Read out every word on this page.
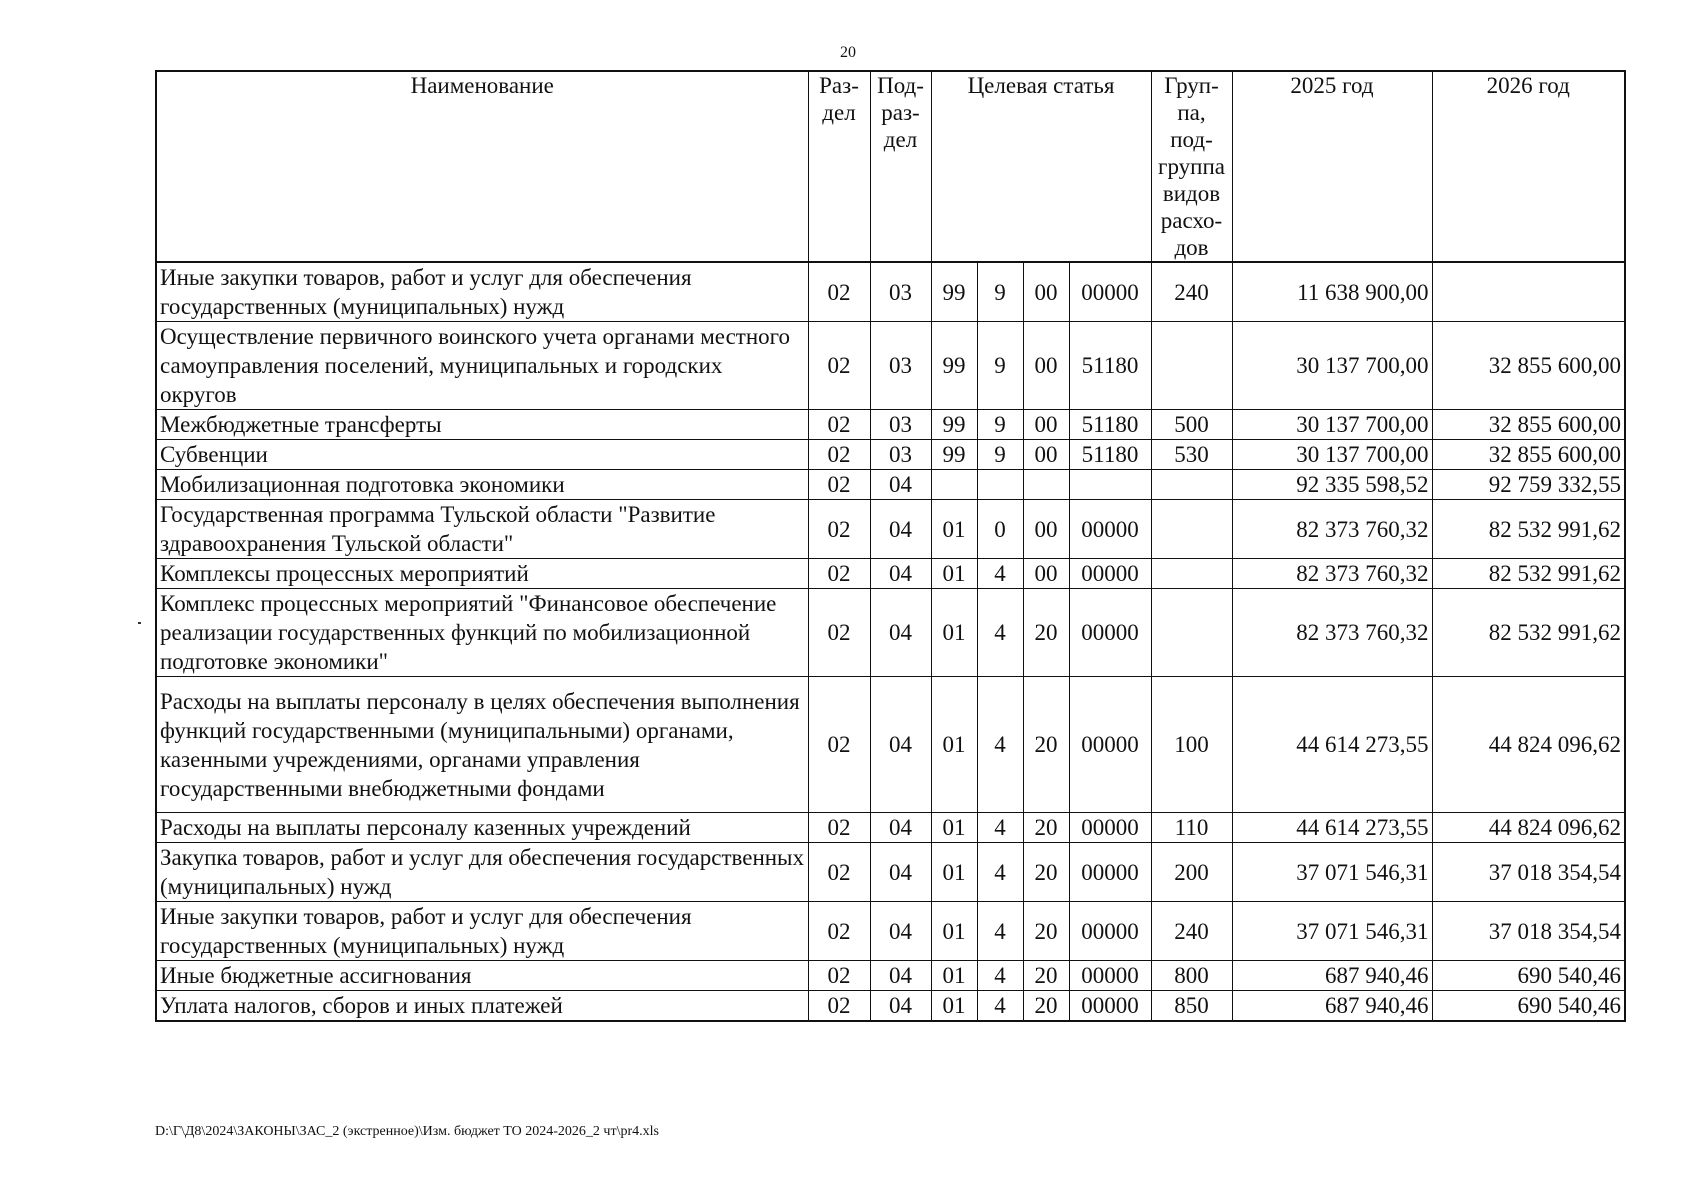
20
Наименование	Раз-дел	Под-раз-дел	Целевая статья				Груп-па, под-группа видов расхо-дов	2025 год	2026 год
Иные закупки товаров, работ и услуг для обеспечения государственных (муниципальных) нужд	02	03	99	9	00	00000	240	11 638 900,00	
Осуществление первичного воинского учета органами местного самоуправления поселений, муниципальных и городских округов	02	03	99	9	00	51180		30 137 700,00	32 855 600,00
Межбюджетные трансферты	02	03	99	9	00	51180	500	30 137 700,00	32 855 600,00
Субвенции	02	03	99	9	00	51180	530	30 137 700,00	32 855 600,00
Мобилизационная подготовка экономики	02	04						92 335 598,52	92 759 332,55
Государственная программа Тульской области "Развитие здравоохранения Тульской области"	02	04	01	0	00	00000		82 373 760,32	82 532 991,62
Комплексы процессных мероприятий	02	04	01	4	00	00000		82 373 760,32	82 532 991,62
Комплекс процессных мероприятий "Финансовое обеспечение реализации государственных функций по мобилизационной подготовке экономики"	02	04	01	4	20	00000		82 373 760,32	82 532 991,62
Расходы на выплаты персоналу в целях обеспечения выполнения функций государственными (муниципальными) органами, казенными учреждениями, органами управления государственными внебюджетными фондами	02	04	01	4	20	00000	100	44 614 273,55	44 824 096,62
Расходы на выплаты персоналу казенных учреждений	02	04	01	4	20	00000	110	44 614 273,55	44 824 096,62
Закупка товаров, работ и услуг для обеспечения государственных (муниципальных) нужд	02	04	01	4	20	00000	200	37 071 546,31	37 018 354,54
Иные закупки товаров, работ и услуг для обеспечения государственных (муниципальных) нужд	02	04	01	4	20	00000	240	37 071 546,31	37 018 354,54
Иные бюджетные ассигнования	02	04	01	4	20	00000	800	687 940,46	690 540,46
Уплата налогов, сборов и иных платежей	02	04	01	4	20	00000	850	687 940,46	690 540,46
D:\Г\Д8\2024\ЗАКОНЫ\ЗАС_2 (экстренное)\Изм. бюджет ТО 2024-2026_2 чт\pr4.xls
